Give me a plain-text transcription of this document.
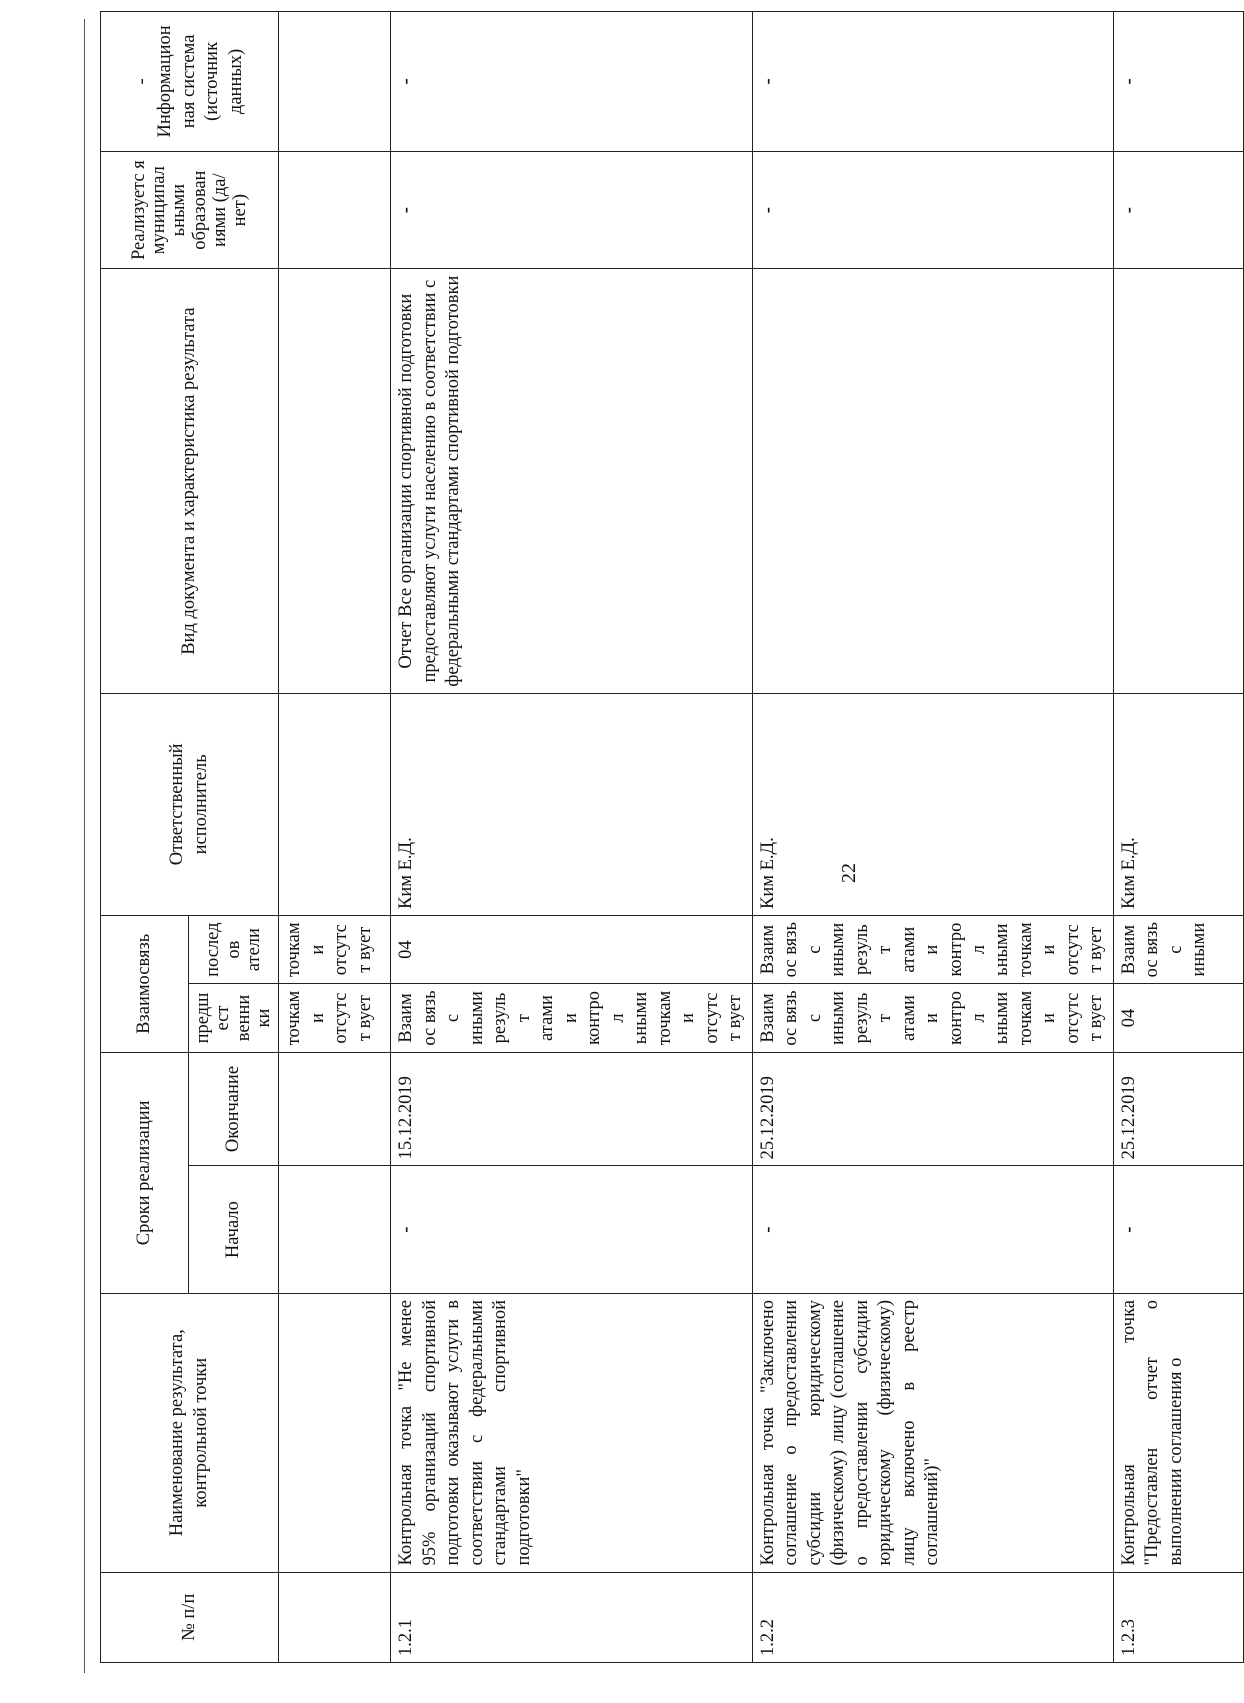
22
№ п/п	Наименование результата, контрольной точки	Сроки реализации		Взаимосвязь		Ответственный исполнитель	Вид документа и характеристика результата	Реализуетс я муниципал ьными образован иями (да/нет)	- Информацион ная система (источник данных)

		Начало	Окончание	предшест венники	последов атели				
				точками отсутст вует	точками отсутст вует				
1.2.1	Контрольная точка "Не менее 95% организаций спортивной подготовки оказывают услуги в соответствии с федеральными стандартами спортивной подготовки"	-	15.12.2019	Взаимос вязь с иными результ атами и контрол ьными точками отсутст вует	04	Ким Е.Д.	Отчет Все организации спортивной подготовки предоставляют услуги населению в соответствии с федеральными стандартами спортивной подготовки	-	-
1.2.2	Контрольная точка "Заключено соглашение о предоставлении субсидии юридическому (физическому) лицу (соглашение о предоставлении субсидии юридическому (физическому) лицу включено в реестр соглашений)"	-	25.12.2019	Взаимос вязь с иными результ атами и контрол ьными точками отсутст вует	Взаимос вязь с иными результ атами и контрол ьными точками отсутст вует	Ким Е.Д.		-	-
1.2.3	Контрольная точка "Предоставлен отчет о выполнении соглашения о	-	25.12.2019	04	Взаимос вязь с иными	Ким Е.Д.		-	-
